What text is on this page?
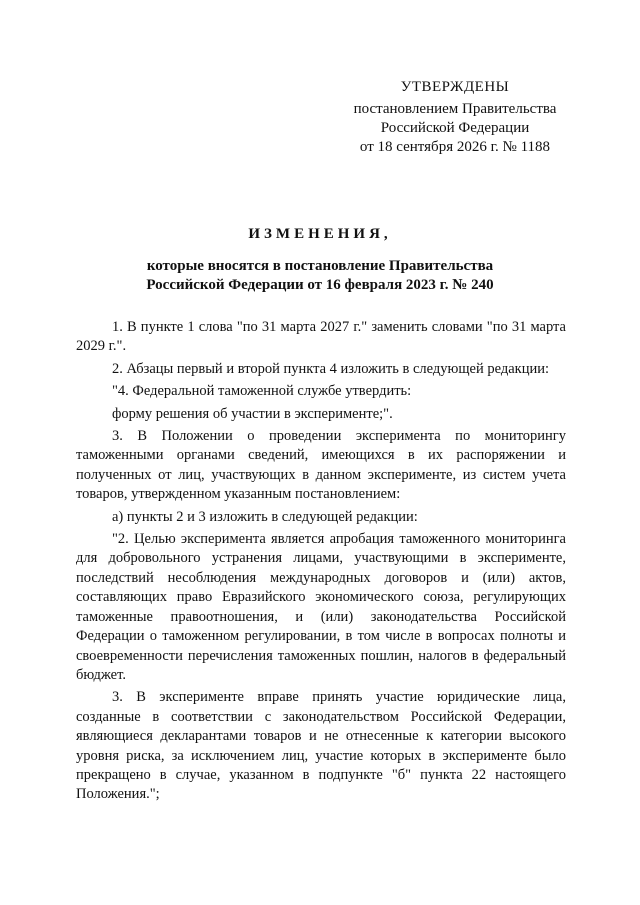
УТВЕРЖДЕНЫ
постановлением Правительства
Российской Федерации
от 18 сентября 2026 г. № 1188
ИЗМЕНЕНИЯ,
которые вносятся в постановление Правительства
Российской Федерации от 16 февраля 2023 г. № 240

1. В пункте 1 слова "по 31 марта 2027 г." заменить словами "по 31 марта 2029 г.".

2. Абзацы первый и второй пункта 4 изложить в следующей редакции:

"4. Федеральной таможенной службе утвердить:

форму решения об участии в эксперименте;".

3. В Положении о проведении эксперимента по мониторингу таможенными органами сведений, имеющихся в их распоряжении и полученных от лиц, участвующих в данном эксперименте, из систем учета товаров, утвержденном указанным постановлением:

а) пункты 2 и 3 изложить в следующей редакции:

"2. Целью эксперимента является апробация таможенного мониторинга для добровольного устранения лицами, участвующими в эксперименте, последствий несоблюдения международных договоров и (или) актов, составляющих право Евразийского экономического союза, регулирующих таможенные правоотношения, и (или) законодательства Российской Федерации о таможенном регулировании, в том числе в вопросах полноты и своевременности перечисления таможенных пошлин, налогов в федеральный бюджет.

3. В эксперименте вправе принять участие юридические лица, созданные в соответствии с законодательством Российской Федерации, являющиеся декларантами товаров и не отнесенные к категории высокого уровня риска, за исключением лиц, участие которых в эксперименте было прекращено в случае, указанном в подпункте "б" пункта 22 настоящего Положения.";
